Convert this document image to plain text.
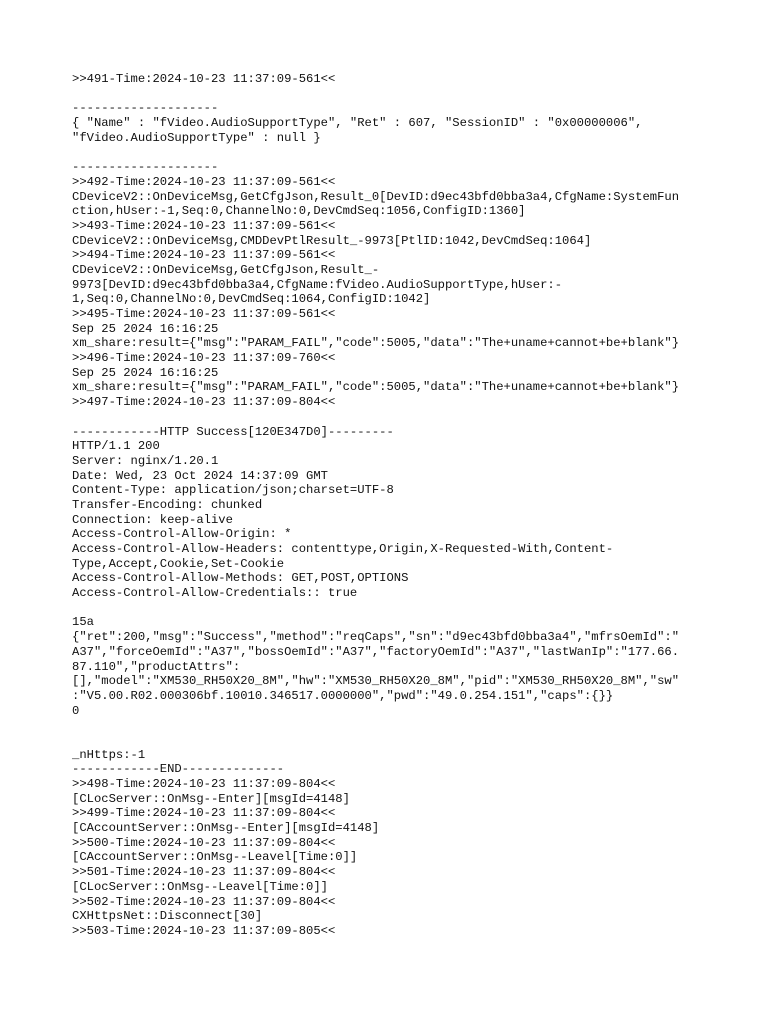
>>491-Time:2024-10-23 11:37:09-561<<
--------------------
{ "Name" : "fVideo.AudioSupportType", "Ret" : 607, "SessionID" : "0x00000006",
"fVideo.AudioSupportType" : null }
--------------------
>>492-Time:2024-10-23 11:37:09-561<<
CDeviceV2::OnDeviceMsg,GetCfgJson,Result_0[DevID:d9ec43bfd0bba3a4,CfgName:SystemFun
ction,hUser:-1,Seq:0,ChannelNo:0,DevCmdSeq:1056,ConfigID:1360]
>>493-Time:2024-10-23 11:37:09-561<<
CDeviceV2::OnDeviceMsg,CMDDevPtlResult_-9973[PtlID:1042,DevCmdSeq:1064]
>>494-Time:2024-10-23 11:37:09-561<<
CDeviceV2::OnDeviceMsg,GetCfgJson,Result_-
9973[DevID:d9ec43bfd0bba3a4,CfgName:fVideo.AudioSupportType,hUser:-
1,Seq:0,ChannelNo:0,DevCmdSeq:1064,ConfigID:1042]
>>495-Time:2024-10-23 11:37:09-561<<
Sep 25 2024 16:16:25
xm_share:result={"msg":"PARAM_FAIL","code":5005,"data":"The+uname+cannot+be+blank"}
>>496-Time:2024-10-23 11:37:09-760<<
Sep 25 2024 16:16:25
xm_share:result={"msg":"PARAM_FAIL","code":5005,"data":"The+uname+cannot+be+blank"}
>>497-Time:2024-10-23 11:37:09-804<<
------------HTTP Success[120E347D0]---------
HTTP/1.1 200
Server: nginx/1.20.1
Date: Wed, 23 Oct 2024 14:37:09 GMT
Content-Type: application/json;charset=UTF-8
Transfer-Encoding: chunked
Connection: keep-alive
Access-Control-Allow-Origin: *
Access-Control-Allow-Headers: contenttype,Origin,X-Requested-With,Content-
Type,Accept,Cookie,Set-Cookie
Access-Control-Allow-Methods: GET,POST,OPTIONS
Access-Control-Allow-Credentials:: true
15a
{"ret":200,"msg":"Success","method":"reqCaps","sn":"d9ec43bfd0bba3a4","mfrsOemId":"
A37","forceOemId":"A37","bossOemId":"A37","factoryOemId":"A37","lastWanIp":"177.66.
87.110","productAttrs":
[],"model":"XM530_RH50X20_8M","hw":"XM530_RH50X20_8M","pid":"XM530_RH50X20_8M","sw"
:"V5.00.R02.000306bf.10010.346517.0000000","pwd":"49.0.254.151","caps":{}}
0
_nHttps:-1
------------END--------------
>>498-Time:2024-10-23 11:37:09-804<<
[CLocServer::OnMsg--Enter][msgId=4148]
>>499-Time:2024-10-23 11:37:09-804<<
[CAccountServer::OnMsg--Enter][msgId=4148]
>>500-Time:2024-10-23 11:37:09-804<<
[CAccountServer::OnMsg--Leavel[Time:0]]
>>501-Time:2024-10-23 11:37:09-804<<
[CLocServer::OnMsg--Leavel[Time:0]]
>>502-Time:2024-10-23 11:37:09-804<<
CXHttpsNet::Disconnect[30]
>>503-Time:2024-10-23 11:37:09-805<<
